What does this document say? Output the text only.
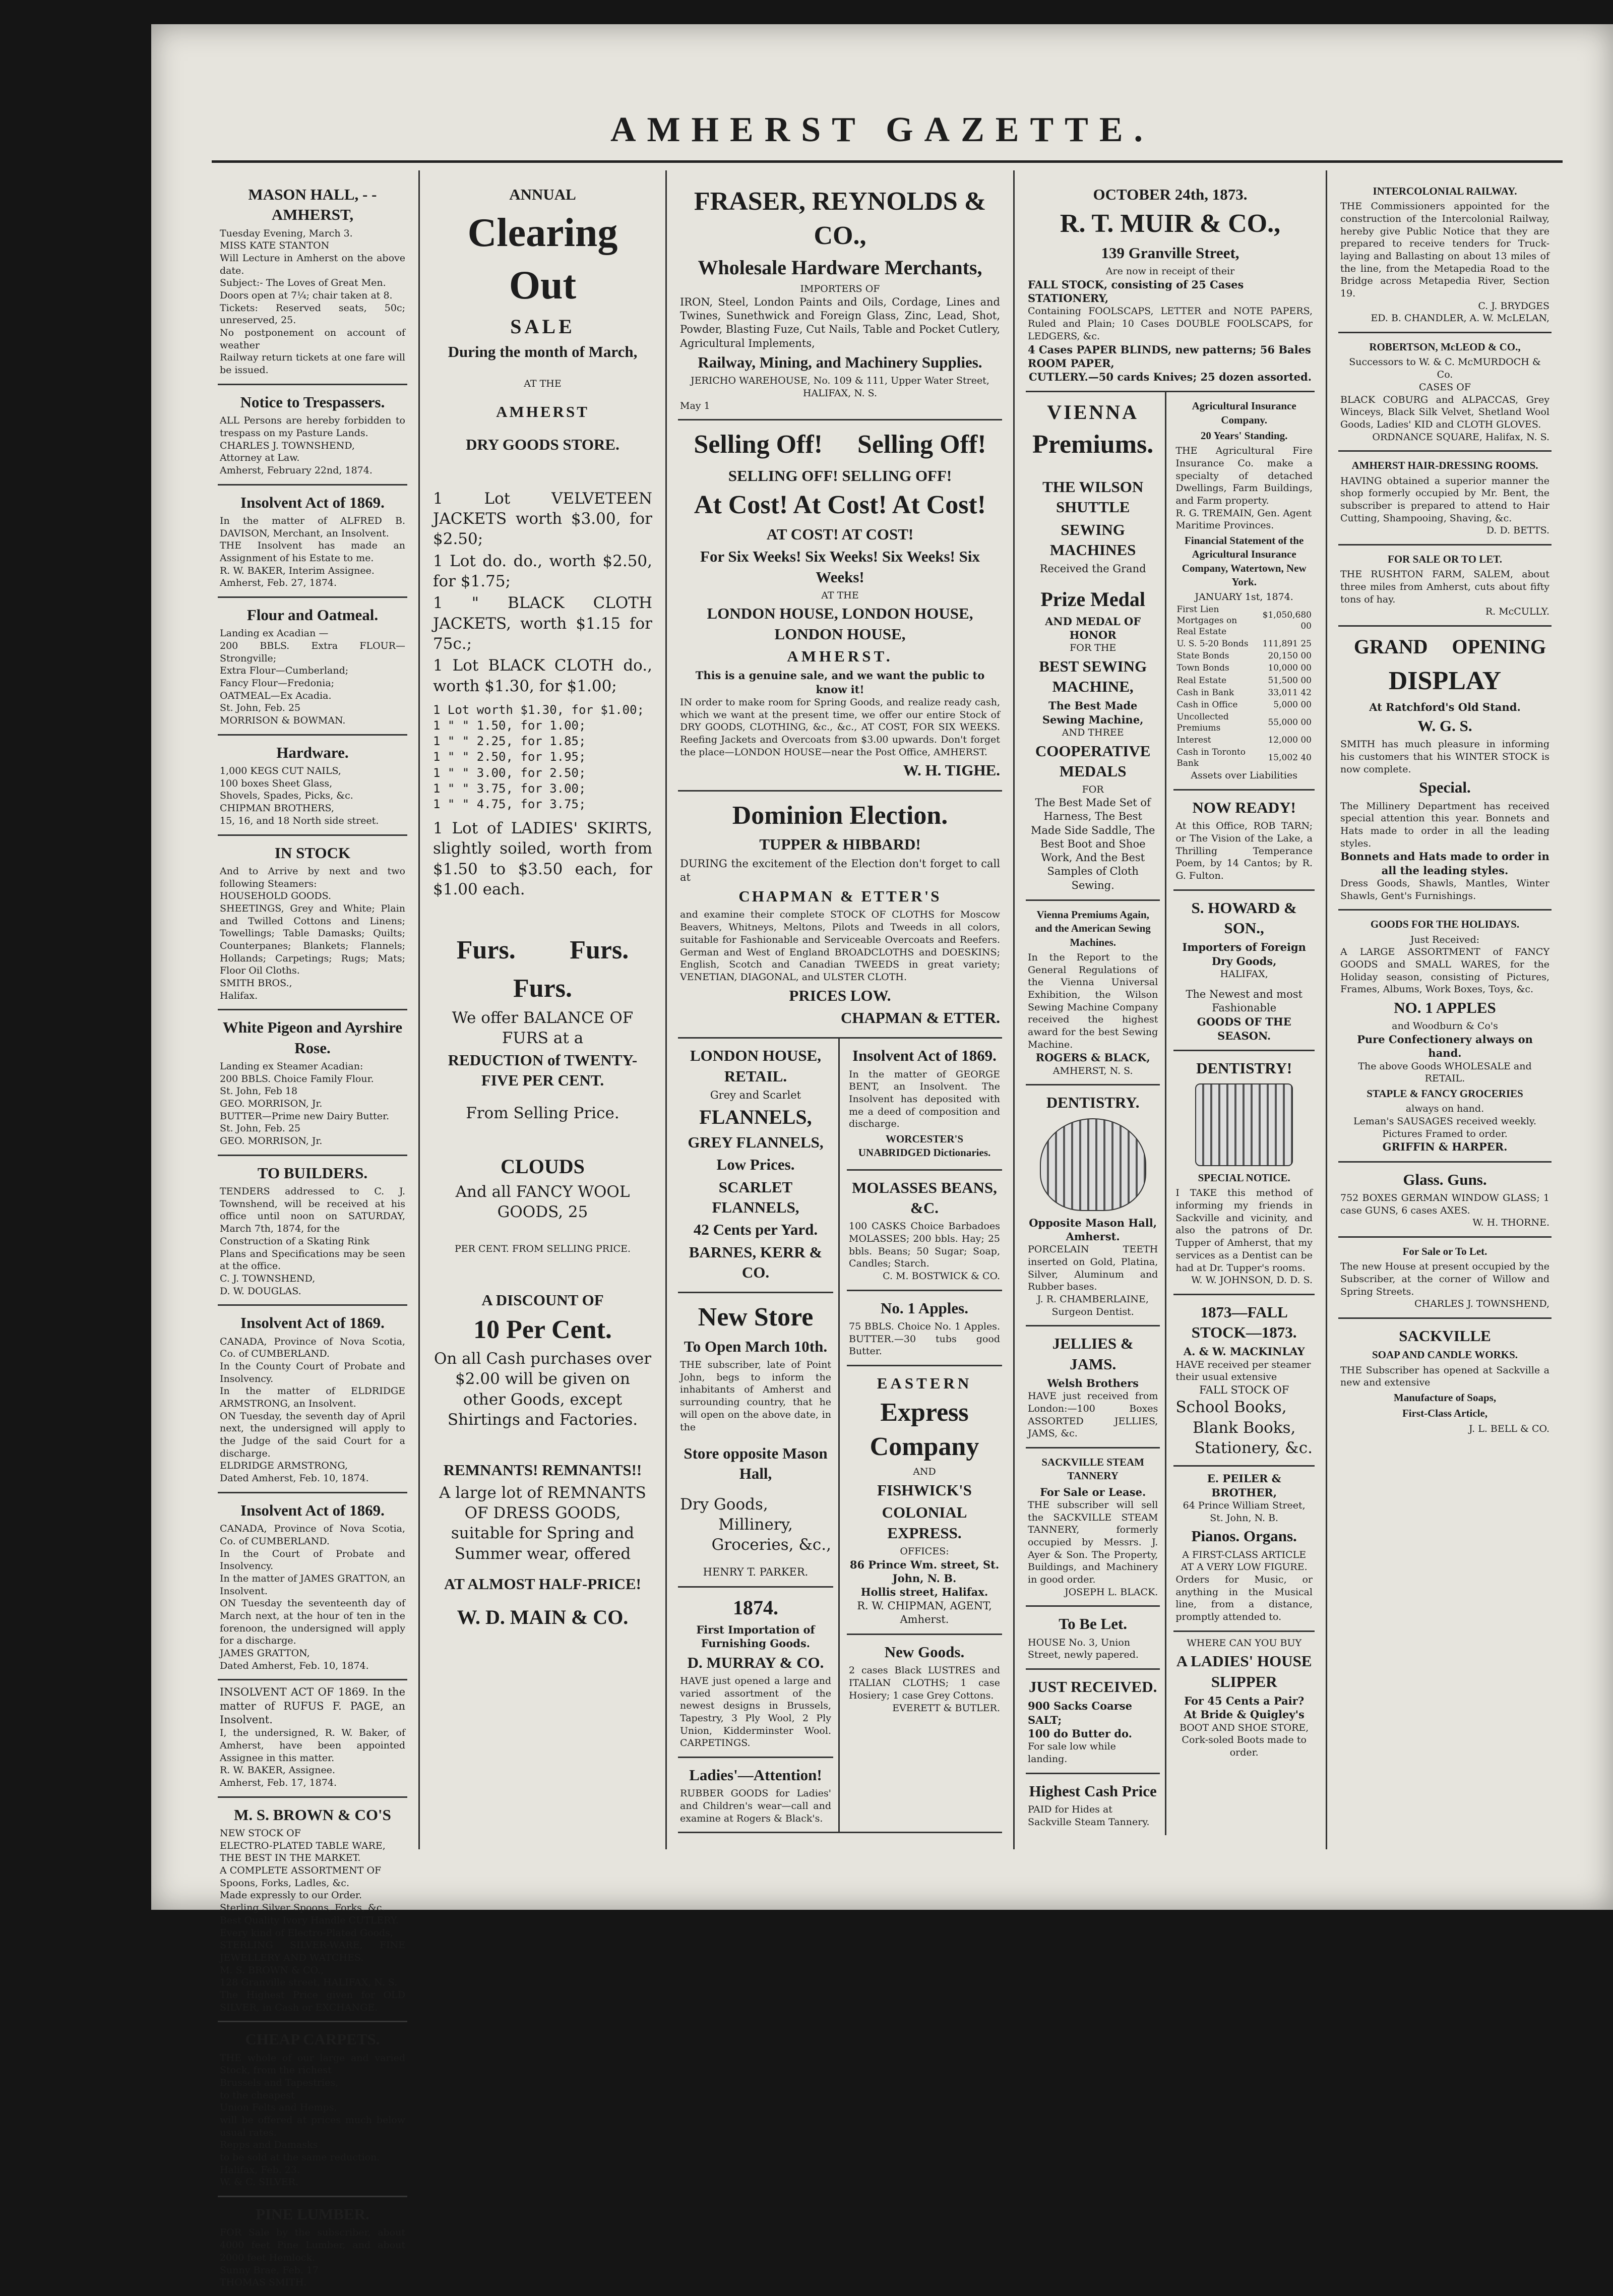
AMHERST GAZETTE.
MASON HALL, - - AMHERST,
Tuesday Evening, March 3.
MISS KATE STANTON
Will Lecture in Amherst on the above date.
Subject:- The Loves of Great Men.
Doors open at 7¼; chair taken at 8.
Tickets: Reserved seats, 50c; unreserved, 25.
No postponement on account of weather
Railway return tickets at one fare will be issued.
Notice to Trespassers.
ALL Persons are hereby forbidden to trespass on my Pasture Lands.
CHARLES J. TOWNSHEND,
Attorney at Law.
Amherst, February 22nd, 1874.
Insolvent Act of 1869.
In the matter of ALFRED B. DAVISON, Merchant, an Insolvent.
THE Insolvent has made an Assignment of his Estate to me.
R. W. BAKER, Interim Assignee.
Amherst, Feb. 27, 1874.
Flour and Oatmeal.
Landing ex Acadian —
200 BBLS. Extra FLOUR—Strongville;
Extra Flour—Cumberland;
Fancy Flour—Fredonia;
OATMEAL—Ex Acadia.
St. John, Feb. 25
MORRISON & BOWMAN.
Hardware.
1,000 KEGS CUT NAILS,
100 boxes Sheet Glass,
Shovels, Spades, Picks, &c.
CHIPMAN BROTHERS,
15, 16, and 18 North side street.
IN STOCK
And to Arrive by next and two following Steamers:
HOUSEHOLD GOODS.
SHEETINGS, Grey and White; Plain and Twilled Cottons and Linens; Towellings; Table Damasks; Quilts; Counterpanes; Blankets; Flannels; Hollands; Carpetings; Rugs; Mats; Floor Oil Cloths.
SMITH BROS.,
Halifax.
White Pigeon and Ayrshire Rose.
Landing ex Steamer Acadian:
200 BBLS. Choice Family Flour.
St. John, Feb 18
GEO. MORRISON, Jr.
BUTTER—Prime new Dairy Butter.
St. John, Feb. 25
GEO. MORRISON, Jr.
TO BUILDERS.
TENDERS addressed to C. J. Townshend, will be received at his office until noon on SATURDAY, March 7th, 1874, for the
Construction of a Skating Rink
Plans and Specifications may be seen at the office.
C. J. TOWNSHEND,
D. W. DOUGLAS.
Insolvent Act of 1869.
CANADA, Province of Nova Scotia, Co. of CUMBERLAND.
In the County Court of Probate and Insolvency.
In the matter of ELDRIDGE ARMSTRONG, an Insolvent.
ON Tuesday, the seventh day of April next, the undersigned will apply to the Judge of the said Court for a discharge.
ELDRIDGE ARMSTRONG,
Dated Amherst, Feb. 10, 1874.
Insolvent Act of 1869.
CANADA, Province of Nova Scotia, Co. of CUMBERLAND.
In the Court of Probate and Insolvency.
In the matter of JAMES GRATTON, an Insolvent.
ON Tuesday the seventeenth day of March next, at the hour of ten in the forenoon, the undersigned will apply for a discharge.
JAMES GRATTON,
Dated Amherst, Feb. 10, 1874.
INSOLVENT ACT OF 1869. In the matter of RUFUS F. PAGE, an Insolvent.
I, the undersigned, R. W. Baker, of Amherst, have been appointed Assignee in this matter.
R. W. BAKER, Assignee.
Amherst, Feb. 17, 1874.
M. S. BROWN & CO'S
NEW STOCK OF
ELECTRO-PLATED TABLE WARE,
THE BEST IN THE MARKET.
A COMPLETE ASSORTMENT OF
Spoons, Forks, Ladles, &c.
Made expressly to our Order.
Sterling Silver Spoons, Forks, &c.
Best Quality Ivory Handle CUTLERY.
Every kind of Electro-Plated Goods,
STERLING SILVER-WARE, FINE JEWELLERY AND WATCHES.
M. S. BROWN & CO.,
128 Granville street, HALIFAX, N. S.
The Highest Price given for OLD SILVER, in Cash or EXCHANGE.
CHEAP CARPETS.
THE whole of our large and varied Stock, from the richest
Brussels and Tapestries,
to the cheapest
Union Felts and Hemps,
will be offered at prices much below usual rates.
Repps and Damasks
to be sold at the same reduction.
Halifax, Feb. 23.
W. & C. SILVER.
PINE LUMBER.
FOR Sale by the subscriber, about 4000 feet Pine Lumber, and about 2000 feet Hemlock.
Sunny Brae, Feb. 17
THOMAS SMITH.
ANNUAL
Clearing Out
SALE
During the month of March,
AT THE
AMHERST
DRY GOODS STORE.
1 Lot VELVETEEN JACKETS worth $3.00, for $2.50;
1 Lot do. do., worth $2.50, for $1.75;
1 " BLACK CLOTH JACKETS, worth $1.15 for 75c.;
1 Lot BLACK CLOTH do., worth $1.30, for $1.00;
1 Lot worth $1.30, for $1.00;
1 " " 1.50, for 1.00;
1 " " 2.25, for 1.85;
1 " " 2.50, for 1.95;
1 " " 3.00, for 2.50;
1 " " 3.75, for 3.00;
1 " " 4.75, for 3.75;
1 Lot of LADIES' SKIRTS, slightly soiled, worth from $1.50 to $3.50 each, for $1.00 each.
Furs.	Furs.
Furs.
We offer BALANCE OF FURS at a
REDUCTION of TWENTY-FIVE PER CENT.
From Selling Price.
CLOUDS
And all FANCY WOOL GOODS, 25
PER CENT. FROM SELLING PRICE.
A DISCOUNT OF
10 Per Cent.
On all Cash purchases over $2.00 will be given on other Goods, except Shirtings and Factories.
REMNANTS! REMNANTS!!
A large lot of REMNANTS OF DRESS GOODS, suitable for Spring and Summer wear, offered
AT ALMOST HALF-PRICE!
W. D. MAIN & CO.
FRASER, REYNOLDS & CO.,
Wholesale Hardware Merchants,
IMPORTERS OF
IRON, Steel, London Paints and Oils, Cordage, Lines and Twines, Sunethwick and Foreign Glass, Zinc, Lead, Shot, Powder, Blasting Fuze, Cut Nails, Table and Pocket Cutlery, Agricultural Implements,
Railway, Mining, and Machinery Supplies.
JERICHO WAREHOUSE, No. 109 & 111, Upper Water Street, HALIFAX, N. S.
May 1
Selling Off!	Selling Off!
SELLING OFF! SELLING OFF!
At Cost! At Cost! At Cost!
AT COST! AT COST!
For Six Weeks! Six Weeks! Six Weeks! Six Weeks!
AT THE
LONDON HOUSE, LONDON HOUSE, LONDON HOUSE,
AMHERST.
This is a genuine sale, and we want the public to know it!
IN order to make room for Spring Goods, and realize ready cash, which we want at the present time, we offer our entire Stock of DRY GOODS, CLOTHING, &c., &c., AT COST, FOR SIX WEEKS. Reefing Jackets and Overcoats from $3.00 upwards. Don't forget the place—LONDON HOUSE—near the Post Office, AMHERST.
W. H. TIGHE.
Dominion Election.
TUPPER & HIBBARD!
DURING the excitement of the Election don't forget to call at
CHAPMAN & ETTER'S
and examine their complete STOCK OF CLOTHS for Moscow Beavers, Whitneys, Meltons, Pilots and Tweeds in all colors, suitable for Fashionable and Serviceable Overcoats and Reefers. German and West of England BROADCLOTHS and DOESKINS; English, Scotch and Canadian TWEEDS in great variety; VENETIAN, DIAGONAL, and ULSTER CLOTH.
PRICES LOW.
CHAPMAN & ETTER.
LONDON HOUSE, RETAIL.
Grey and Scarlet
FLANNELS,
GREY FLANNELS,
Low Prices.
SCARLET FLANNELS,
42 Cents per Yard.
BARNES, KERR & CO.
New Store
To Open March 10th.
THE subscriber, late of Point John, begs to inform the inhabitants of Amherst and surrounding country, that he will open on the above date, in the
Store opposite Mason Hall,
Dry Goods,
Millinery,
Groceries, &c.,
HENRY T. PARKER.
1874.
First Importation of Furnishing Goods.
D. MURRAY & CO.
HAVE just opened a large and varied assortment of the newest designs in Brussels, Tapestry, 3 Ply Wool, 2 Ply Union, Kidderminster Wool. CARPETINGS.
Ladies'—Attention!
RUBBER GOODS for Ladies' and Children's wear—call and examine at Rogers & Black's.
Insolvent Act of 1869.
In the matter of GEORGE BENT, an Insolvent. The Insolvent has deposited with me a deed of composition and discharge.
WORCESTER'S UNABRIDGED Dictionaries.
MOLASSES BEANS, &C.
100 CASKS Choice Barbadoes MOLASSES; 200 bbls. Hay; 25 bbls. Beans; 50 Sugar; Soap, Candles; Starch.
C. M. BOSTWICK & CO.
No. 1 Apples.
75 BBLS. Choice No. 1 Apples. BUTTER.—30 tubs good Butter.
EASTERN
Express Company
AND
FISHWICK'S
COLONIAL EXPRESS.
OFFICES:
86 Prince Wm. street, St. John, N. B.
Hollis street, Halifax.
R. W. CHIPMAN, AGENT, Amherst.
New Goods.
2 cases Black LUSTRES and ITALIAN CLOTHS; 1 case Hosiery; 1 case Grey Cottons.
EVERETT & BUTLER.
OCTOBER 24th, 1873.
R. T. MUIR & CO.,
139 Granville Street,
Are now in receipt of their
FALL STOCK, consisting of 25 Cases STATIONERY,
Containing FOOLSCAPS, LETTER and NOTE PAPERS, Ruled and Plain; 10 Cases DOUBLE FOOLSCAPS, for LEDGERS, &c.
4 Cases PAPER BLINDS, new patterns; 56 Bales ROOM PAPER,
CUTLERY.—50 cards Knives; 25 dozen assorted.
VIENNA
Premiums.
THE WILSON SHUTTLE
SEWING MACHINES
Received the Grand
Prize Medal
AND MEDAL OF HONOR
FOR THE
BEST SEWING MACHINE,
The Best Made Sewing Machine,
AND THREE
COOPERATIVE MEDALS
FOR
The Best Made Set of Harness, The Best Made Side Saddle, The Best Boot and Shoe Work, And the Best Samples of Cloth Sewing.
Vienna Premiums Again, and the American Sewing Machines.
In the Report to the General Regulations of the Vienna Universal Exhibition, the Wilson Sewing Machine Company received the highest award for the best Sewing Machine.
ROGERS & BLACK,
AMHERST, N. S.
DENTISTRY.
Opposite Mason Hall, Amherst.
PORCELAIN TEETH inserted on Gold, Platina, Silver, Aluminum and Rubber bases.
J. R. CHAMBERLAINE, Surgeon Dentist.
JELLIES & JAMS.
Welsh Brothers
HAVE just received from London:—100 Boxes ASSORTED JELLIES, JAMS, &c.
SACKVILLE STEAM TANNERY
For Sale or Lease.
THE subscriber will sell the SACKVILLE STEAM TANNERY, formerly occupied by Messrs. J. Ayer & Son. The Property, Buildings, and Machinery in good order.
JOSEPH L. BLACK.
To Be Let.
HOUSE No. 3, Union Street, newly papered.
JUST RECEIVED.
900 Sacks Coarse SALT;
100 do Butter do.
For sale low while landing.
Highest Cash Price
PAID for Hides at Sackville Steam Tannery.
Agricultural Insurance Company.
20 Years' Standing.
THE Agricultural Fire Insurance Co. make a specialty of detached Dwellings, Farm Buildings, and Farm property.
R. G. TREMAIN, Gen. Agent Maritime Provinces.
Financial Statement of the Agricultural Insurance Company, Watertown, New York.
JANUARY 1st, 1874.
First Lien Mortgages on Real Estate	$1,050,680 00
U. S. 5-20 Bonds	111,891 25
State Bonds	20,150 00
Town Bonds	10,000 00
Real Estate	51,500 00
Cash in Bank	33,011 42
Cash in Office	5,000 00
Uncollected Premiums	55,000 00
Interest	12,000 00
Cash in Toronto Bank	15,002 40
Assets over Liabilities
NOW READY!
At this Office, ROB TARN; or The Vision of the Lake, a Thrilling Temperance Poem, by 14 Cantos; by R. G. Fulton.
S. HOWARD & SON.,
Importers of Foreign Dry Goods,
HALIFAX,
The Newest and most Fashionable
GOODS OF THE SEASON.
DENTISTRY!
SPECIAL NOTICE.
I TAKE this method of informing my friends in Sackville and vicinity, and also the patrons of Dr. Tupper of Amherst, that my services as a Dentist can be had at Dr. Tupper's rooms.
W. W. JOHNSON, D. D. S.
1873—FALL STOCK—1873.
A. & W. MACKINLAY
HAVE received per steamer their usual extensive
FALL STOCK OF
School Books,
Blank Books,
Stationery, &c.
E. PEILER & BROTHER,
64 Prince William Street, St. John, N. B.
Pianos. Organs.
A FIRST-CLASS ARTICLE AT A VERY LOW FIGURE.
Orders for Music, or anything in the Musical line, from a distance, promptly attended to.
WHERE CAN YOU BUY
A LADIES' HOUSE SLIPPER
For 45 Cents a Pair?
At Bride & Quigley's
BOOT AND SHOE STORE,
Cork-soled Boots made to order.
INTERCOLONIAL RAILWAY.
THE Commissioners appointed for the construction of the Intercolonial Railway, hereby give Public Notice that they are prepared to receive tenders for Truck-laying and Ballasting on about 13 miles of the line, from the Metapedia Road to the Bridge across Metapedia River, Section 19.
C. J. BRYDGES
ED. B. CHANDLER, A. W. McLELAN,
ROBERTSON, McLEOD & CO.,
Successors to W. & C. McMURDOCH & Co.
CASES OF
BLACK COBURG and ALPACCAS, Grey Winceys, Black Silk Velvet, Shetland Wool Goods, Ladies' KID and CLOTH GLOVES.
ORDNANCE SQUARE, Halifax, N. S.
AMHERST HAIR-DRESSING ROOMS.
HAVING obtained a superior manner the shop formerly occupied by Mr. Bent, the subscriber is prepared to attend to Hair Cutting, Shampooing, Shaving, &c.
D. D. BETTS.
FOR SALE OR TO LET.
THE RUSHTON FARM, SALEM, about three miles from Amherst, cuts about fifty tons of hay.
R. McCULLY.
GRAND	OPENING
DISPLAY
At Ratchford's Old Stand.
W. G. S.
SMITH has much pleasure in informing his customers that his WINTER STOCK is now complete.
Special.
The Millinery Department has received special attention this year. Bonnets and Hats made to order in all the leading styles.
Bonnets and Hats made to order in all the leading styles.
Dress Goods, Shawls, Mantles, Winter Shawls, Gent's Furnishings.
GOODS FOR THE HOLIDAYS.
Just Received:
A LARGE ASSORTMENT of FANCY GOODS and SMALL WARES, for the Holiday season, consisting of Pictures, Frames, Albums, Work Boxes, Toys, &c.
NO. 1 APPLES
and Woodburn & Co's
Pure Confectionery always on hand.
The above Goods WHOLESALE and RETAIL.
STAPLE & FANCY GROCERIES
always on hand.
Leman's SAUSAGES received weekly.
Pictures Framed to order.
GRIFFIN & HARPER.
Glass. Guns.
752 BOXES GERMAN WINDOW GLASS; 1 case GUNS, 6 cases AXES.
W. H. THORNE.
For Sale or To Let.
The new House at present occupied by the Subscriber, at the corner of Willow and Spring Streets.
CHARLES J. TOWNSHEND,
SACKVILLE
SOAP AND CANDLE WORKS.
THE Subscriber has opened at Sackville a new and extensive
Manufacture of Soaps,
First-Class Article,
J. L. BELL & CO.
